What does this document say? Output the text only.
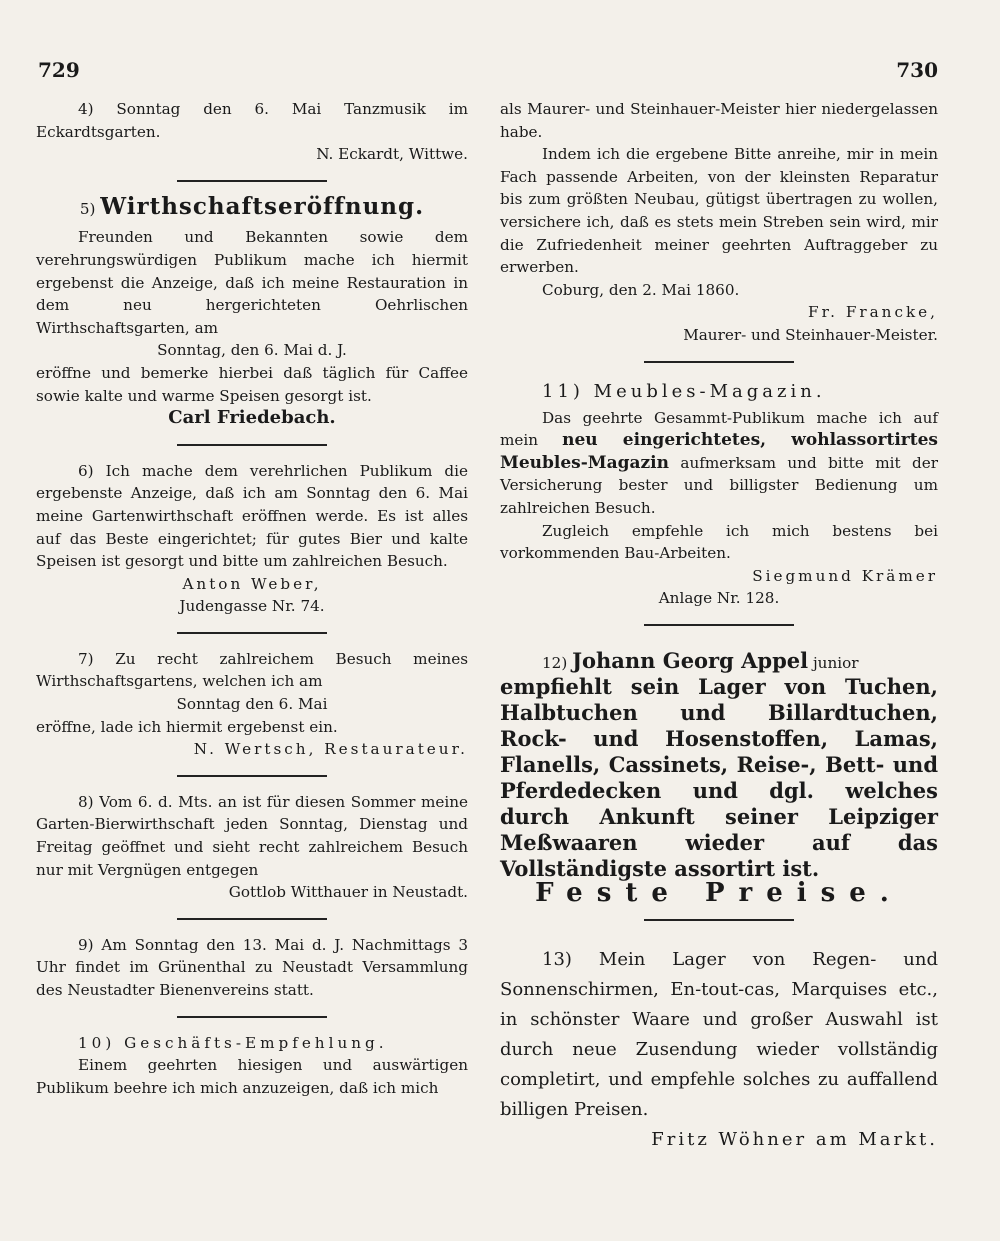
729	730

4) Sonntag den 6. Mai Tanzmusik im Eckardtsgarten.

N. Eckardt, Wittwe.

5) Wirthschaftseröffnung.

Freunden und Bekannten sowie dem verehrungswürdigen Publikum mache ich hiermit ergebenst die Anzeige, daß ich meine Restauration in dem neu hergerichteten Oehrlischen Wirthschaftsgarten, am

Sonntag, den 6. Mai d. J.

eröffne und bemerke hierbei daß täglich für Caffee sowie kalte und warme Speisen gesorgt ist.

Carl Friedebach.

6) Ich mache dem verehrlichen Publikum die ergebenste Anzeige, daß ich am Sonntag den 6. Mai meine Gartenwirthschaft eröffnen werde. Es ist alles auf das Beste eingerichtet; für gutes Bier und kalte Speisen ist gesorgt und bitte um zahlreichen Besuch.

Anton Weber,

Judengasse Nr. 74.

7) Zu recht zahlreichem Besuch meines Wirthschaftsgartens, welchen ich am

Sonntag den 6. Mai

eröffne, lade ich hiermit ergebenst ein.

N. Wertsch, Restaurateur.

8) Vom 6. d. Mts. an ist für diesen Sommer meine Garten-Bierwirthschaft jeden Sonntag, Dienstag und Freitag geöffnet und sieht recht zahlreichem Besuch nur mit Vergnügen entgegen

Gottlob Witthauer in Neustadt.

9) Am Sonntag den 13. Mai d. J. Nachmittags 3 Uhr findet im Grünenthal zu Neustadt Versammlung des Neustadter Bienenvereins statt.

10) Geschäfts-Empfehlung.

Einem geehrten hiesigen und auswärtigen Publikum beehre ich mich anzuzeigen, daß ich mich

als Maurer- und Steinhauer-Meister hier niedergelassen habe.

Indem ich die ergebene Bitte anreihe, mir in mein Fach passende Arbeiten, von der kleinsten Reparatur bis zum größten Neubau, gütigst übertragen zu wollen, versichere ich, daß es stets mein Streben sein wird, mir die Zufriedenheit meiner geehrten Auftraggeber zu erwerben.

Coburg, den 2. Mai 1860.

Fr. Francke,

Maurer- und Steinhauer-Meister.

11) Meubles-Magazin.

Das geehrte Gesammt-Publikum mache ich auf mein neu eingerichtetes, wohlassortirtes Meubles-Magazin aufmerksam und bitte mit der Versicherung bester und billigster Bedienung um zahlreichen Besuch.

Zugleich empfehle ich mich bestens bei vorkommenden Bau-Arbeiten.

Siegmund Krämer

Anlage Nr. 128.

12) Johann Georg Appel junior

empfiehlt sein Lager von Tuchen, Halbtuchen und Billardtuchen, Rock- und Hosenstoffen, Lamas, Flanells, Cassinets, Reise-, Bett- und Pferdedecken und dgl. welches durch Ankunft seiner Leipziger Meßwaaren wieder auf das Vollständigste assortirt ist.

Feste Preise.

13) Mein Lager von Regen- und Sonnenschirmen, En-tout-cas, Marquises etc., in schönster Waare und großer Auswahl ist durch neue Zusendung wieder vollständig completirt, und empfehle solches zu auffallend billigen Preisen.

Fritz Wöhner am Markt.
